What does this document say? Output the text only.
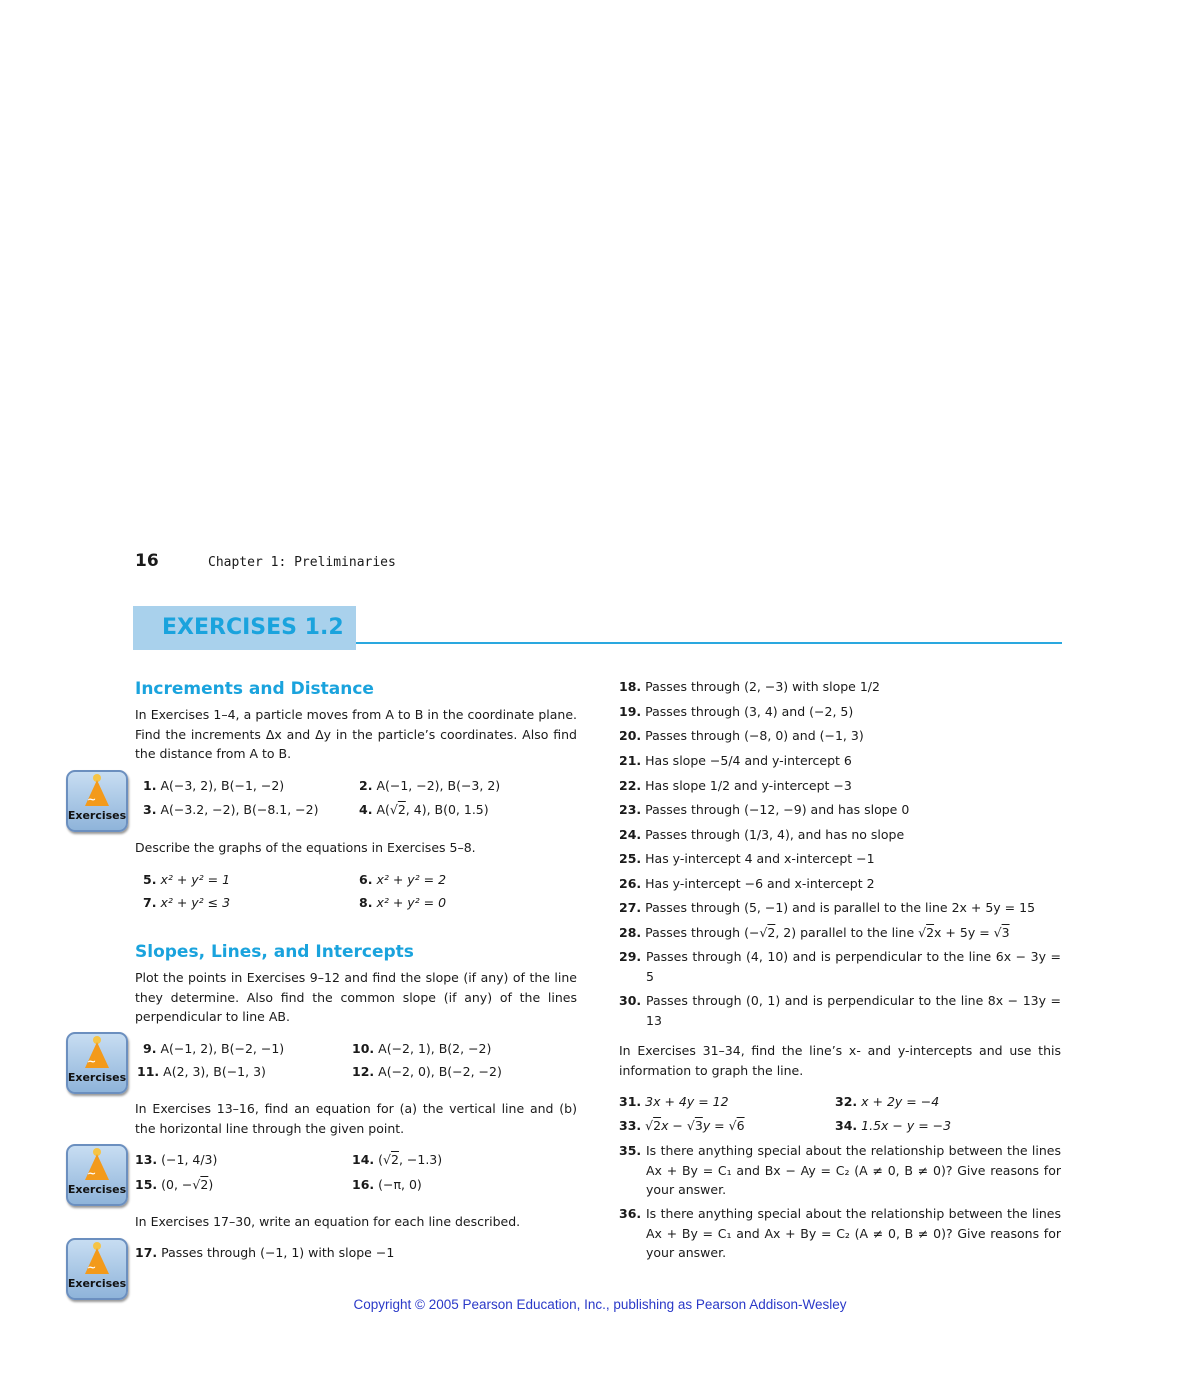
16	Chapter 1: Preliminaries
EXERCISES 1.2
Increments and Distance
In Exercises 1–4, a particle moves from A to B in the coordinate plane. Find the increments Δx and Δy in the particle’s coordinates. Also find the distance from A to B.
~
Exercises
1. A(−3, 2), B(−1, −2)	2. A(−1, −2), B(−3, 2)
3. A(−3.2, −2), B(−8.1, −2)	4. A(√2, 4), B(0, 1.5)
Describe the graphs of the equations in Exercises 5–8.
5. x² + y² = 1	6. x² + y² = 2
7. x² + y² ≤ 3	8. x² + y² = 0
Slopes, Lines, and Intercepts
Plot the points in Exercises 9–12 and find the slope (if any) of the line they determine. Also find the common slope (if any) of the lines perpendicular to line AB.
~
Exercises
9. A(−1, 2), B(−2, −1)	10. A(−2, 1), B(2, −2)
11. A(2, 3), B(−1, 3)	12. A(−2, 0), B(−2, −2)
In Exercises 13–16, find an equation for (a) the vertical line and (b) the horizontal line through the given point.
~
Exercises
13. (−1, 4/3)	14. (√2, −1.3)
15. (0, −√2)	16. (−π, 0)
In Exercises 17–30, write an equation for each line described.
~
Exercises
17. Passes through (−1, 1) with slope −1
18. Passes through (2, −3) with slope 1/2
19. Passes through (3, 4) and (−2, 5)
20. Passes through (−8, 0) and (−1, 3)
21. Has slope −5/4 and y-intercept 6
22. Has slope 1/2 and y-intercept −3
23. Passes through (−12, −9) and has slope 0
24. Passes through (1/3, 4), and has no slope
25. Has y-intercept 4 and x-intercept −1
26. Has y-intercept −6 and x-intercept 2
27. Passes through (5, −1) and is parallel to the line 2x + 5y = 15
28. Passes through (−√2, 2) parallel to the line √2x + 5y = √3
29. Passes through (4, 10) and is perpendicular to the line 6x − 3y = 5
30. Passes through (0, 1) and is perpendicular to the line 8x − 13y = 13
In Exercises 31–34, find the line’s x- and y-intercepts and use this information to graph the line.
31. 3x + 4y = 12	32. x + 2y = −4
33. √2x − √3y = √6	34. 1.5x − y = −3
35. Is there anything special about the relationship between the lines Ax + By = C₁ and Bx − Ay = C₂ (A ≠ 0, B ≠ 0)? Give reasons for your answer.
36. Is there anything special about the relationship between the lines Ax + By = C₁ and Ax + By = C₂ (A ≠ 0, B ≠ 0)? Give reasons for your answer.
Copyright © 2005 Pearson Education, Inc., publishing as Pearson Addison-Wesley
